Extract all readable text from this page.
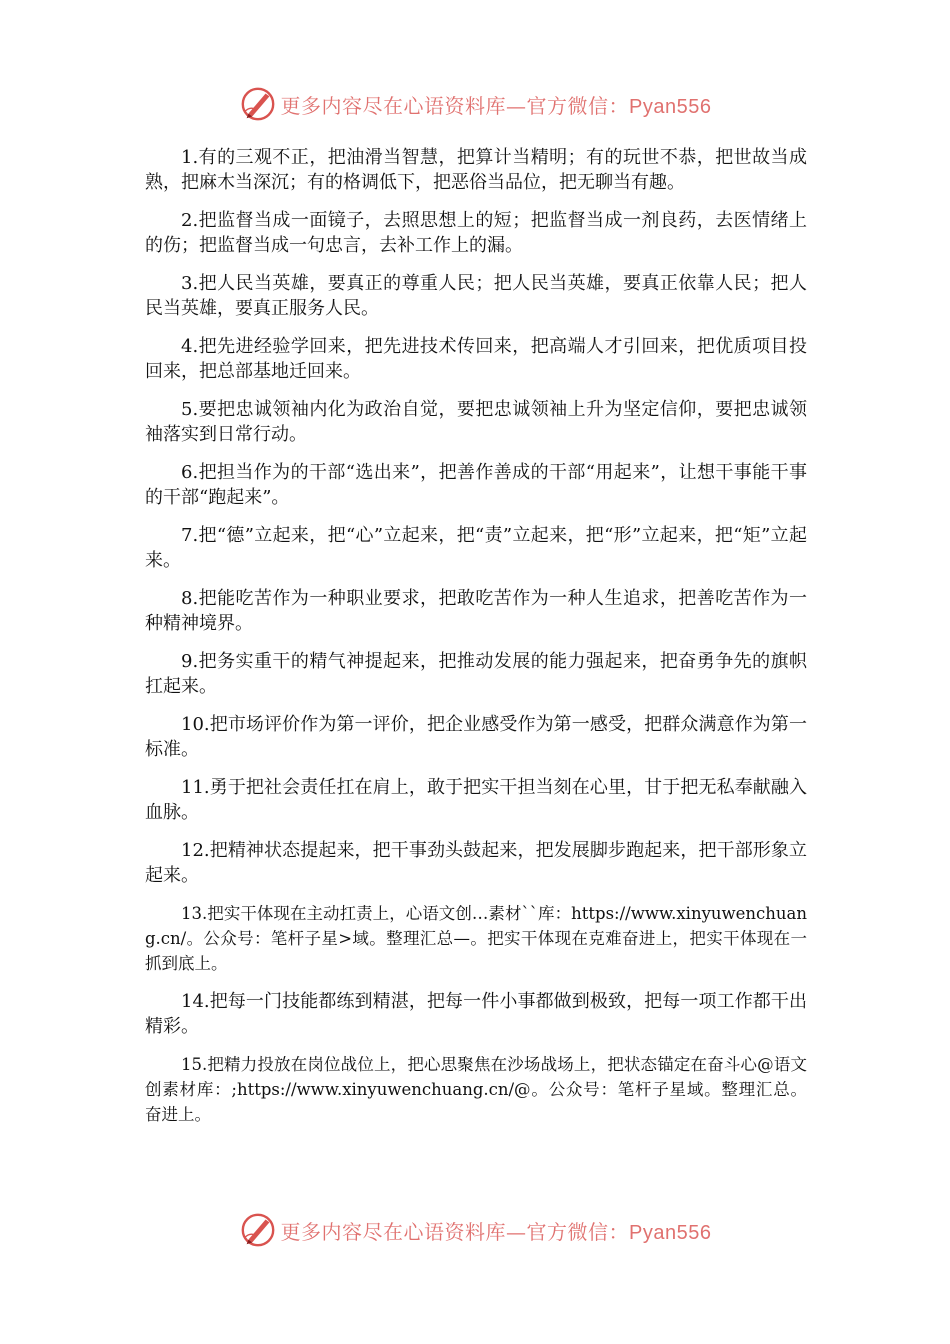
更多内容尽在心语资料库—官方微信：Pyan556

1.有的三观不正，把油滑当智慧，把算计当精明；有的玩世不恭，把世故当成熟，把麻木当深沉；有的格调低下，把恶俗当品位，把无聊当有趣。

2.把监督当成一面镜子，去照思想上的短；把监督当成一剂良药，去医情绪上的伤；把监督当成一句忠言，去补工作上的漏。

3.把人民当英雄，要真正的尊重人民；把人民当英雄，要真正依靠人民；把人民当英雄，要真正服务人民。

4.把先进经验学回来，把先进技术传回来，把高端人才引回来，把优质项目投回来，把总部基地迁回来。

5.要把忠诚领袖内化为政治自觉，要把忠诚领袖上升为坚定信仰，要把忠诚领袖落实到日常行动。

6.把担当作为的干部“选出来”，把善作善成的干部“用起来”，让想干事能干事的干部“跑起来”。

7.把“德”立起来，把“心”立起来，把“责”立起来，把“形”立起来，把“矩”立起来。

8.把能吃苦作为一种职业要求，把敢吃苦作为一种人生追求，把善吃苦作为一种精神境界。

9.把务实重干的精气神提起来，把推动发展的能力强起来，把奋勇争先的旗帜扛起来。

10.把市场评价作为第一评价，把企业感受作为第一感受，把群众满意作为第一标准。

11.勇于把社会责任扛在肩上，敢于把实干担当刻在心里，甘于把无私奉献融入血脉。

12.把精神状态提起来，把干事劲头鼓起来，把发展脚步跑起来，把干部形象立起来。

13.把实干体现在主动扛责上，心语文创…素材``库：https://www.xinyuwenchuang.cn/。公众号：笔杆子星>域。整理汇总—。把实干体现在克难奋进上，把实干体现在一抓到底上。

14.把每一门技能都练到精湛，把每一件小事都做到极致，把每一项工作都干出精彩。

15.把精力投放在岗位战位上，把心思聚焦在沙场战场上，把状态锚定在奋斗心@语文创素材库：;https://www.xinyuwenchuang.cn/@。公众号：笔杆子星域。整理汇总。奋进上。

更多内容尽在心语资料库—官方微信：Pyan556
